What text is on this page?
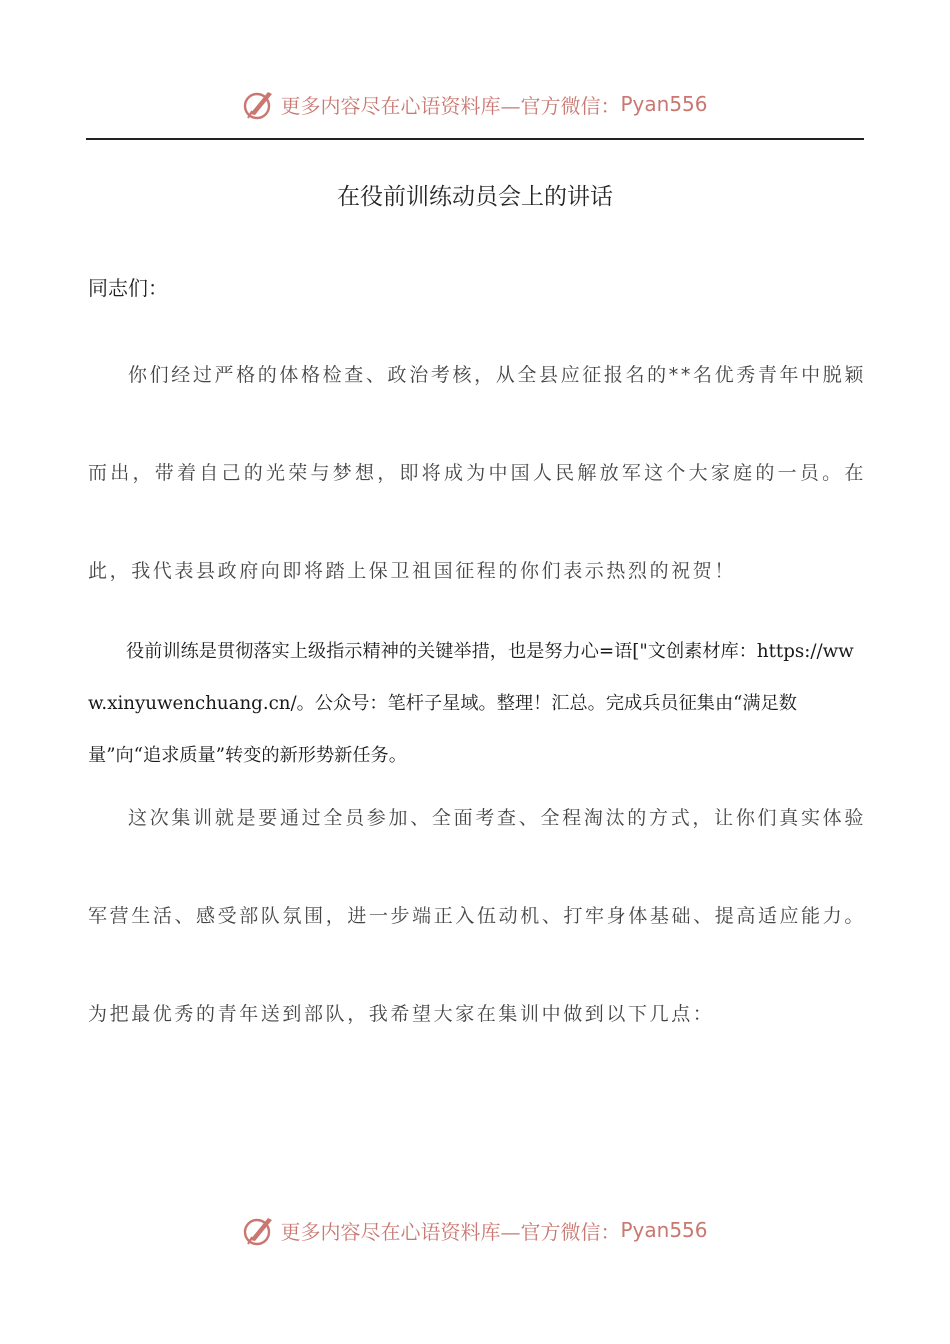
更多内容尽在心语资料库—官方微信： Pyan556
在役前训练动员会上的讲话
同志们：
你们经过严格的体格检查、政治考核，从全县应征报名的**名优秀青年中脱颖而出，带着自己的光荣与梦想，即将成为中国人民解放军这个大家庭的一员。在此，我代表县政府向即将踏上保卫祖国征程的你们表示热烈的祝贺！
役前训练是贯彻落实上级指示精神的关键举措，也是努力心=语["文创素材库：https://www.xinyuwenchuang.cn/。公众号：笔杆子星域。整理！汇总。完成兵员征集由“满足数量”向“追求质量”转变的新形势新任务。
这次集训就是要通过全员参加、全面考查、全程淘汰的方式，让你们真实体验军营生活、感受部队氛围，进一步端正入伍动机、打牢身体基础、提高适应能力。为把最优秀的青年送到部队，我希望大家在集训中做到以下几点：
更多内容尽在心语资料库—官方微信： Pyan556
